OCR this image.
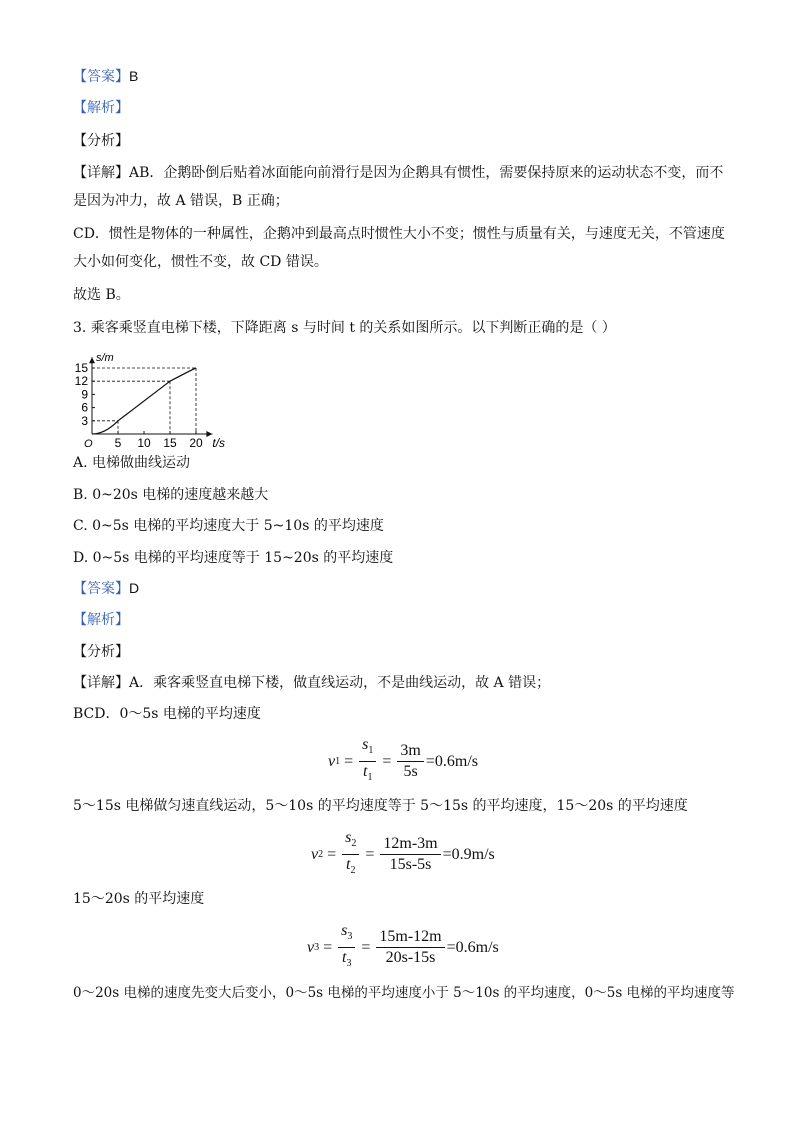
【答案】B
【解析】
【分析】
【详解】AB．企鹅卧倒后贴着冰面能向前滑行是因为企鹅具有惯性，需要保持原来的运动状态不变，而不
是因为冲力，故 A 错误，B 正确；
CD．惯性是物体的一种属性，企鹅冲到最高点时惯性大小不变；惯性与质量有关，与速度无关，不管速度
大小如何变化，惯性不变，故 CD 错误。
故选 B。
3. 乘客乘竖直电梯下楼，下降距离 s 与时间 t 的关系如图所示。以下判断正确的是（ ）
3
6
9
12
15
5 10 15 20
s/m
t/s
O
A. 电梯做曲线运动
B. 0~20s 电梯的速度越来越大
C. 0~5s 电梯的平均速度大于 5~10s 的平均速度
D. 0~5s 电梯的平均速度等于 15~20s 的平均速度
【答案】D
【解析】
【分析】
【详解】A．乘客乘竖直电梯下楼，做直线运动，不是曲线运动，故 A 错误；
BCD．0～5s 电梯的平均速度
v $1 = \frac{s_1}{t_1} = \frac{3m}{5s} =0.6m/s$
5～15s 电梯做匀速直线运动，5～10s 的平均速度等于 5～15s 的平均速度，15～20s 的平均速度
v $2 = \frac{s_2}{t_2} = \frac{12m-3m}{15s-5s} =0.9m/s$
15～20s 的平均速度
v $3 = \frac{s_3}{t_3} = \frac{15m-12m}{20s-15s} =0.6m/s$
0～20s 电梯的速度先变大后变小，0～5s 电梯的平均速度小于 5～10s 的平均速度，0～5s 电梯的平均速度等
